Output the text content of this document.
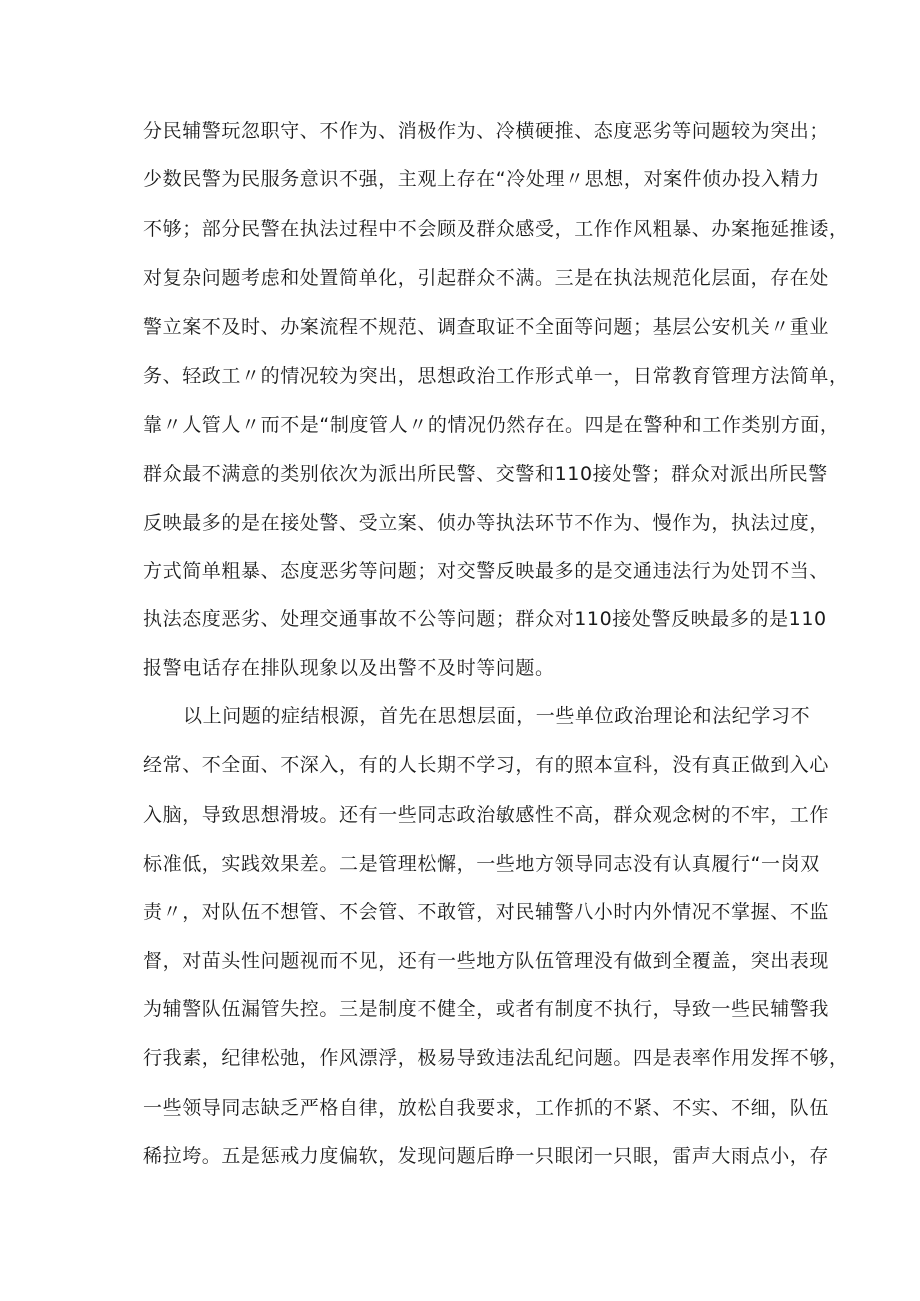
分民辅警玩忽职守、不作为、消极作为、冷横硬推、态度恶劣等问题较为突出；
少数民警为民服务意识不强，主观上存在“冷处理〃思想，对案件侦办投入精力
不够；部分民警在执法过程中不会顾及群众感受，工作作风粗暴、办案拖延推诿，
对复杂问题考虑和处置简单化，引起群众不满。三是在执法规范化层面，存在处
警立案不及时、办案流程不规范、调查取证不全面等问题；基层公安机关〃重业
务、轻政工〃的情况较为突出，思想政治工作形式单一，日常教育管理方法简单，
靠〃人管人〃而不是“制度管人〃的情况仍然存在。四是在警种和工作类别方面，
群众最不满意的类别依次为派出所民警、交警和110接处警；群众对派出所民警
反映最多的是在接处警、受立案、侦办等执法环节不作为、慢作为，执法过度，
方式简单粗暴、态度恶劣等问题；对交警反映最多的是交通违法行为处罚不当、
执法态度恶劣、处理交通事故不公等问题；群众对110接处警反映最多的是110
报警电话存在排队现象以及出警不及时等问题。
以上问题的症结根源，首先在思想层面，一些单位政治理论和法纪学习不
经常、不全面、不深入，有的人长期不学习，有的照本宣科，没有真正做到入心
入脑，导致思想滑坡。还有一些同志政治敏感性不高，群众观念树的不牢，工作
标准低，实践效果差。二是管理松懈，一些地方领导同志没有认真履行“一岗双
责〃，对队伍不想管、不会管、不敢管，对民辅警八小时内外情况不掌握、不监
督，对苗头性问题视而不见，还有一些地方队伍管理没有做到全覆盖，突出表现
为辅警队伍漏管失控。三是制度不健全，或者有制度不执行，导致一些民辅警我
行我素，纪律松弛，作风漂浮，极易导致违法乱纪问题。四是表率作用发挥不够，
一些领导同志缺乏严格自律，放松自我要求，工作抓的不紧、不实、不细，队伍
稀拉垮。五是惩戒力度偏软，发现问题后睁一只眼闭一只眼，雷声大雨点小，存
